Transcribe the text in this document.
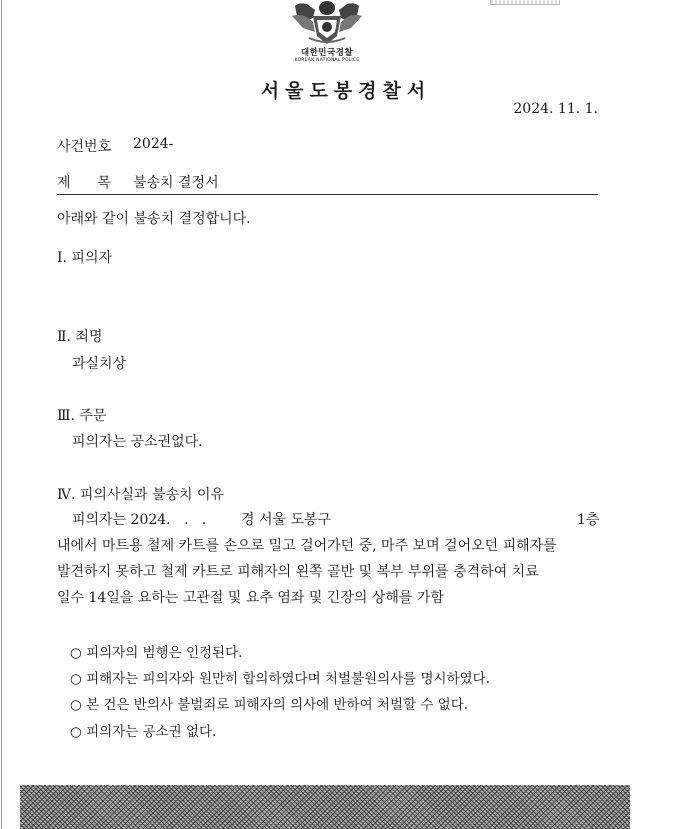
대한민국경찰
KOREAN NATIONAL POLICE
서울도봉경찰서
2024. 11. 1.
사건번호 2024-
제      목 불송치 결정서
아래와 같이 불송치 결정합니다.
Ⅰ. 피의자
Ⅱ. 죄명
과실치상
Ⅲ. 주문
피의자는 공소권없다.
Ⅳ. 피의사실과 불송치 이유
피의자는 2024.   .   . 경 서울 도봉구	1층
내에서 마트용 철제 카트를 손으로 밀고 걸어가던 중, 마주 보며 걸어오던 피해자를
발견하지 못하고 철제 카트로 피해자의 왼쪽 골반 및 복부 부위를 충격하여 치료
일수 14일을 요하는 고관절 및 요추 염좌 및 긴장의 상해를 가함
○ 피의자의 범행은 인정된다.
○ 피해자는 피의자와 원만히 합의하였다며 처벌불원의사를 명시하였다.
○ 본 건은 반의사 불벌죄로 피해자의 의사에 반하여 처벌할 수 없다.
○ 피의자는 공소권 없다.
